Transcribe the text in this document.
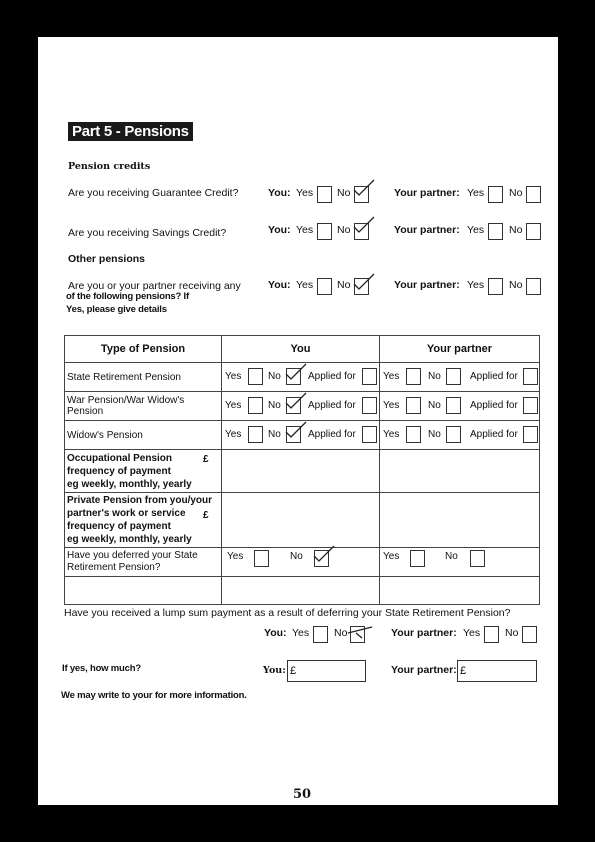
Part 5 - Pensions
Pension credits
Are you receiving Guarantee Credit?	You: Yes No	Your partner: Yes No
Are you receiving Savings Credit?	You: Yes No	Your partner: Yes No
Other pensions
Are you or your partner receiving any
of the following pensions? If
Yes, please give details
You: Yes No	Your partner: Yes No
Type of Pension	You	Your partner
State Retirement Pension	Yes No Applied for	Yes No Applied for

War Pension/War Widow's Pension	Yes No Applied for	Yes No Applied for

Widow's Pension	Yes No Applied for	Yes No Applied for

Occupational Pension
frequency of payment
eg weekly, monthly, yearly
£		

Private Pension from you/your
partner's work or service
frequency of payment
eg weekly, monthly, yearly
£		

Have you deferred your State Retirement Pension?	Yes No	Yes No

Have you received a lump sum payment as a result of deferring your State Retirement Pension?
You: Yes No	Your partner: Yes No
If yes, how much?	You: £	Your partner: £
We may write to your for more information.
50
